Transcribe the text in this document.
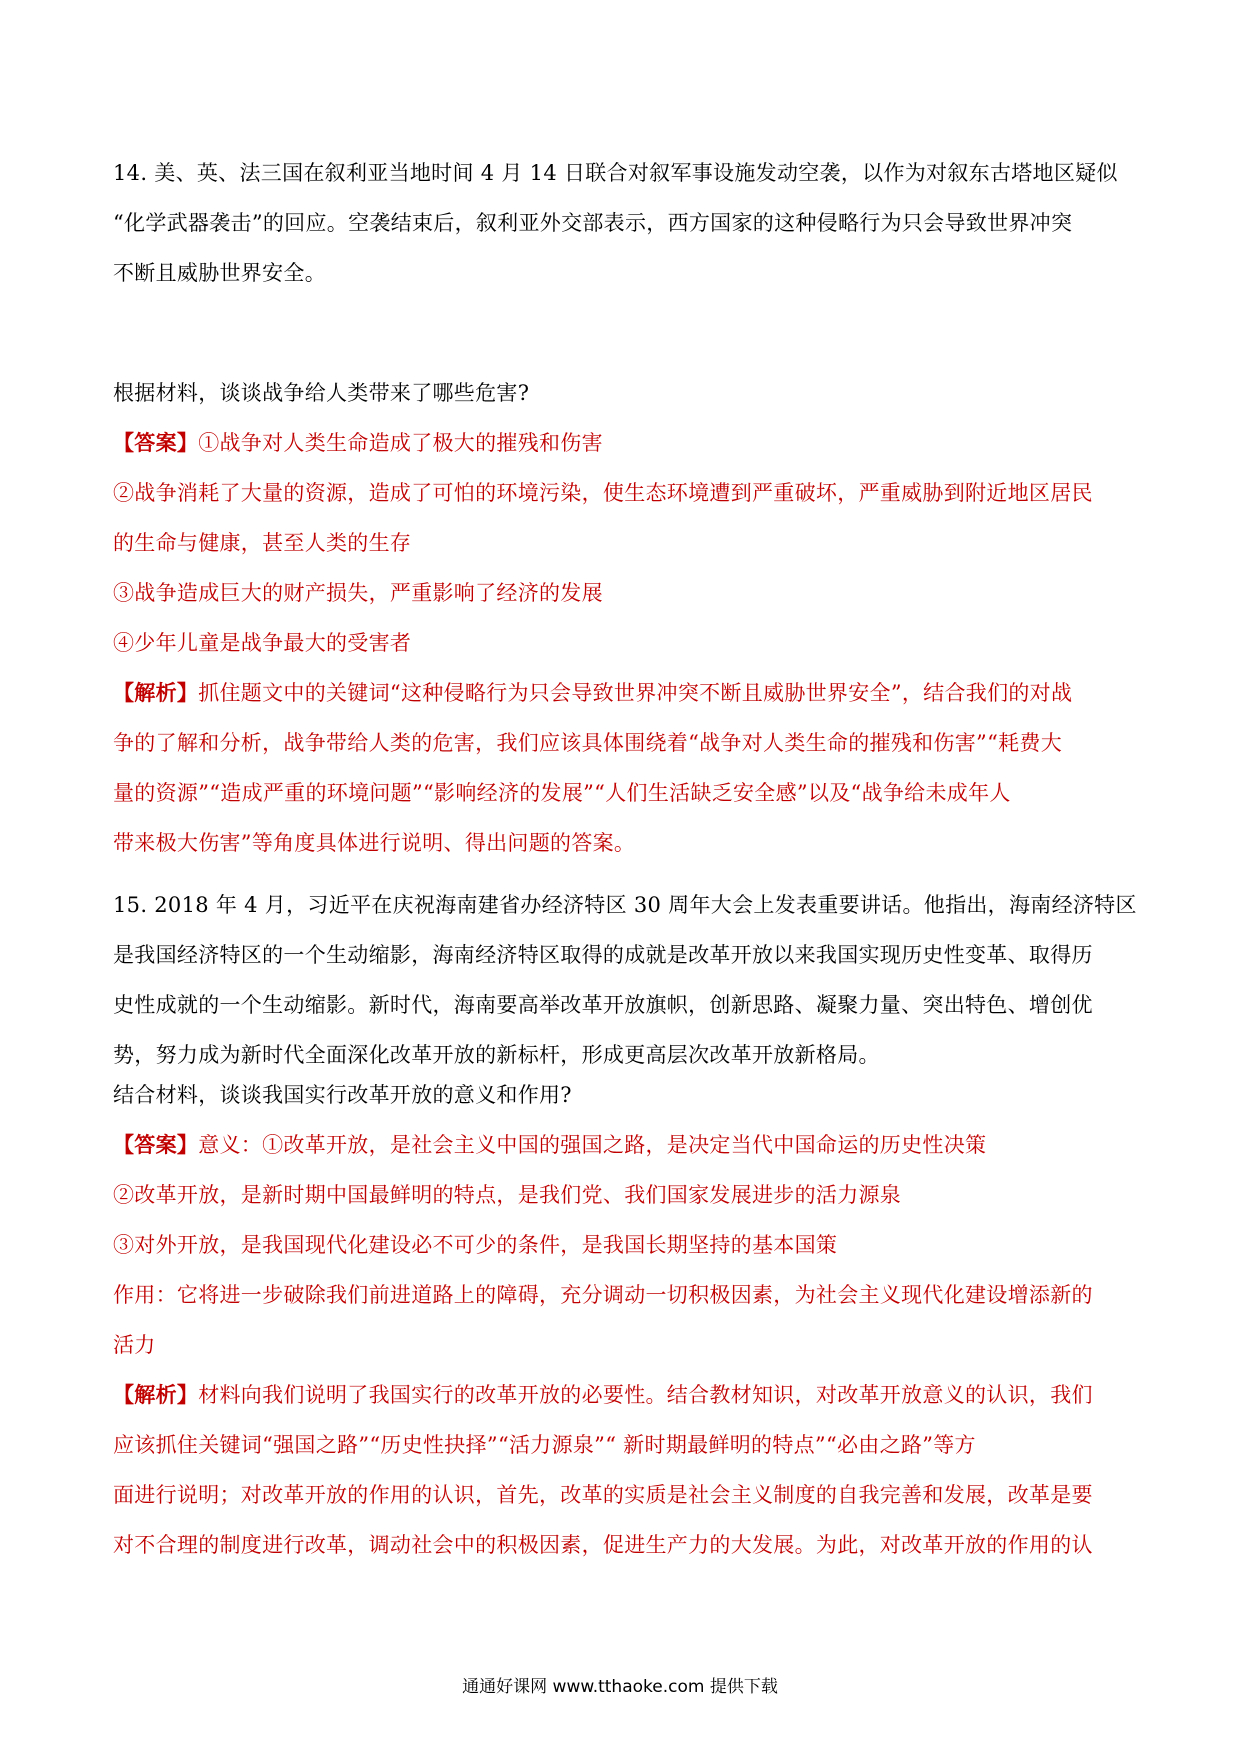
14. 美、英、法三国在叙利亚当地时间 4 月 14 日联合对叙军事设施发动空袭，以作为对叙东古塔地区疑似
“化学武器袭击”的回应。空袭结束后，叙利亚外交部表示，西方国家的这种侵略行为只会导致世界冲突
不断且威胁世界安全。
根据材料，谈谈战争给人类带来了哪些危害?
【答案】①战争对人类生命造成了极大的摧残和伤害
②战争消耗了大量的资源，造成了可怕的环境污染，使生态环境遭到严重破坏，严重威胁到附近地区居民
的生命与健康，甚至人类的生存
③战争造成巨大的财产损失，严重影响了经济的发展
④少年儿童是战争最大的受害者
【解析】抓住题文中的关键词“这种侵略行为只会导致世界冲突不断且威胁世界安全”，结合我们的对战
争的了解和分析，战争带给人类的危害，我们应该具体围绕着“战争对人类生命的摧残和伤害”“耗费大
量的资源”“造成严重的环境问题”“影响经济的发展”“人们生活缺乏安全感”以及“战争给未成年人
带来极大伤害”等角度具体进行说明、得出问题的答案。
15. 2018 年 4 月，习近平在庆祝海南建省办经济特区 30 周年大会上发表重要讲话。他指出，海南经济特区
是我国经济特区的一个生动缩影，海南经济特区取得的成就是改革开放以来我国实现历史性变革、取得历
史性成就的一个生动缩影。新时代，海南要高举改革开放旗帜，创新思路、凝聚力量、突出特色、增创优
势，努力成为新时代全面深化改革开放的新标杆，形成更高层次改革开放新格局。
结合材料，谈谈我国实行改革开放的意义和作用?
【答案】意义：①改革开放，是社会主义中国的强国之路，是决定当代中国命运的历史性决策
②改革开放，是新时期中国最鲜明的特点，是我们党、我们国家发展进步的活力源泉
③对外开放，是我国现代化建设必不可少的条件，是我国长期坚持的基本国策
作用：它将进一步破除我们前进道路上的障碍，充分调动一切积极因素，为社会主义现代化建设增添新的
活力
【解析】材料向我们说明了我国实行的改革开放的必要性。结合教材知识，对改革开放意义的认识，我们
应该抓住关键词“强国之路”“历史性抉择”“活力源泉”“ 新时期最鲜明的特点”“必由之路”等方
面进行说明；对改革开放的作用的认识，首先，改革的实质是社会主义制度的自我完善和发展，改革是要
对不合理的制度进行改革，调动社会中的积极因素，促进生产力的大发展。为此，对改革开放的作用的认
通通好课网 www.tthaoke.com 提供下载
